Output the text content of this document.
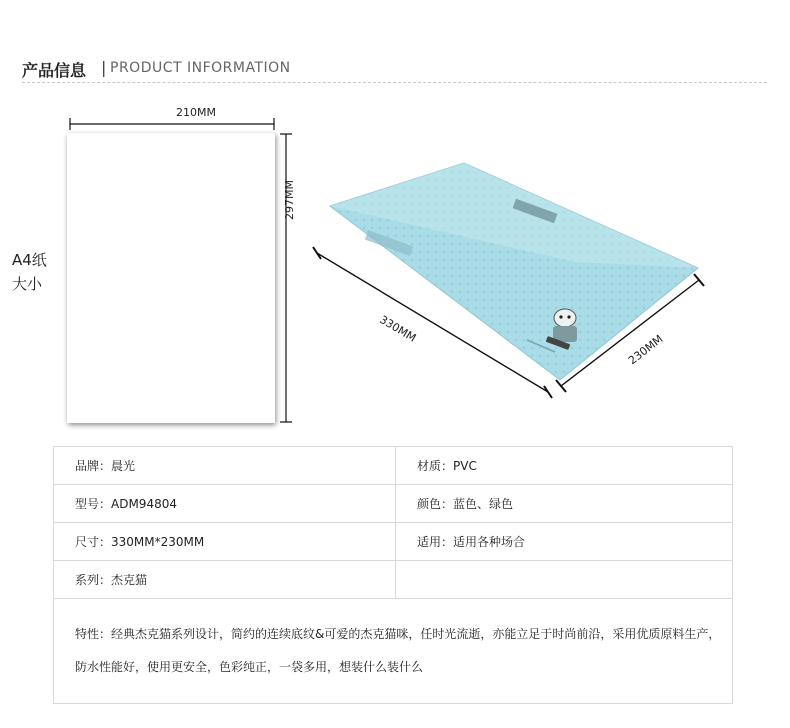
产品信息 | PRODUCT INFORMATION
A4纸
大小
210MM
297MM
330MM
230MM
品牌：晨光	材质：PVC
型号：ADM94804	颜色：蓝色、绿色
尺寸：330MM*230MM	适用：适用各种场合
系列：杰克猫	

特性：经典杰克猫系列设计，简约的连续底纹&可爱的杰克猫咪，任时光流逝，亦能立足于时尚前沿，采用优质原料生产，
防水性能好，使用更安全，色彩纯正，一袋多用，想装什么装什么	
